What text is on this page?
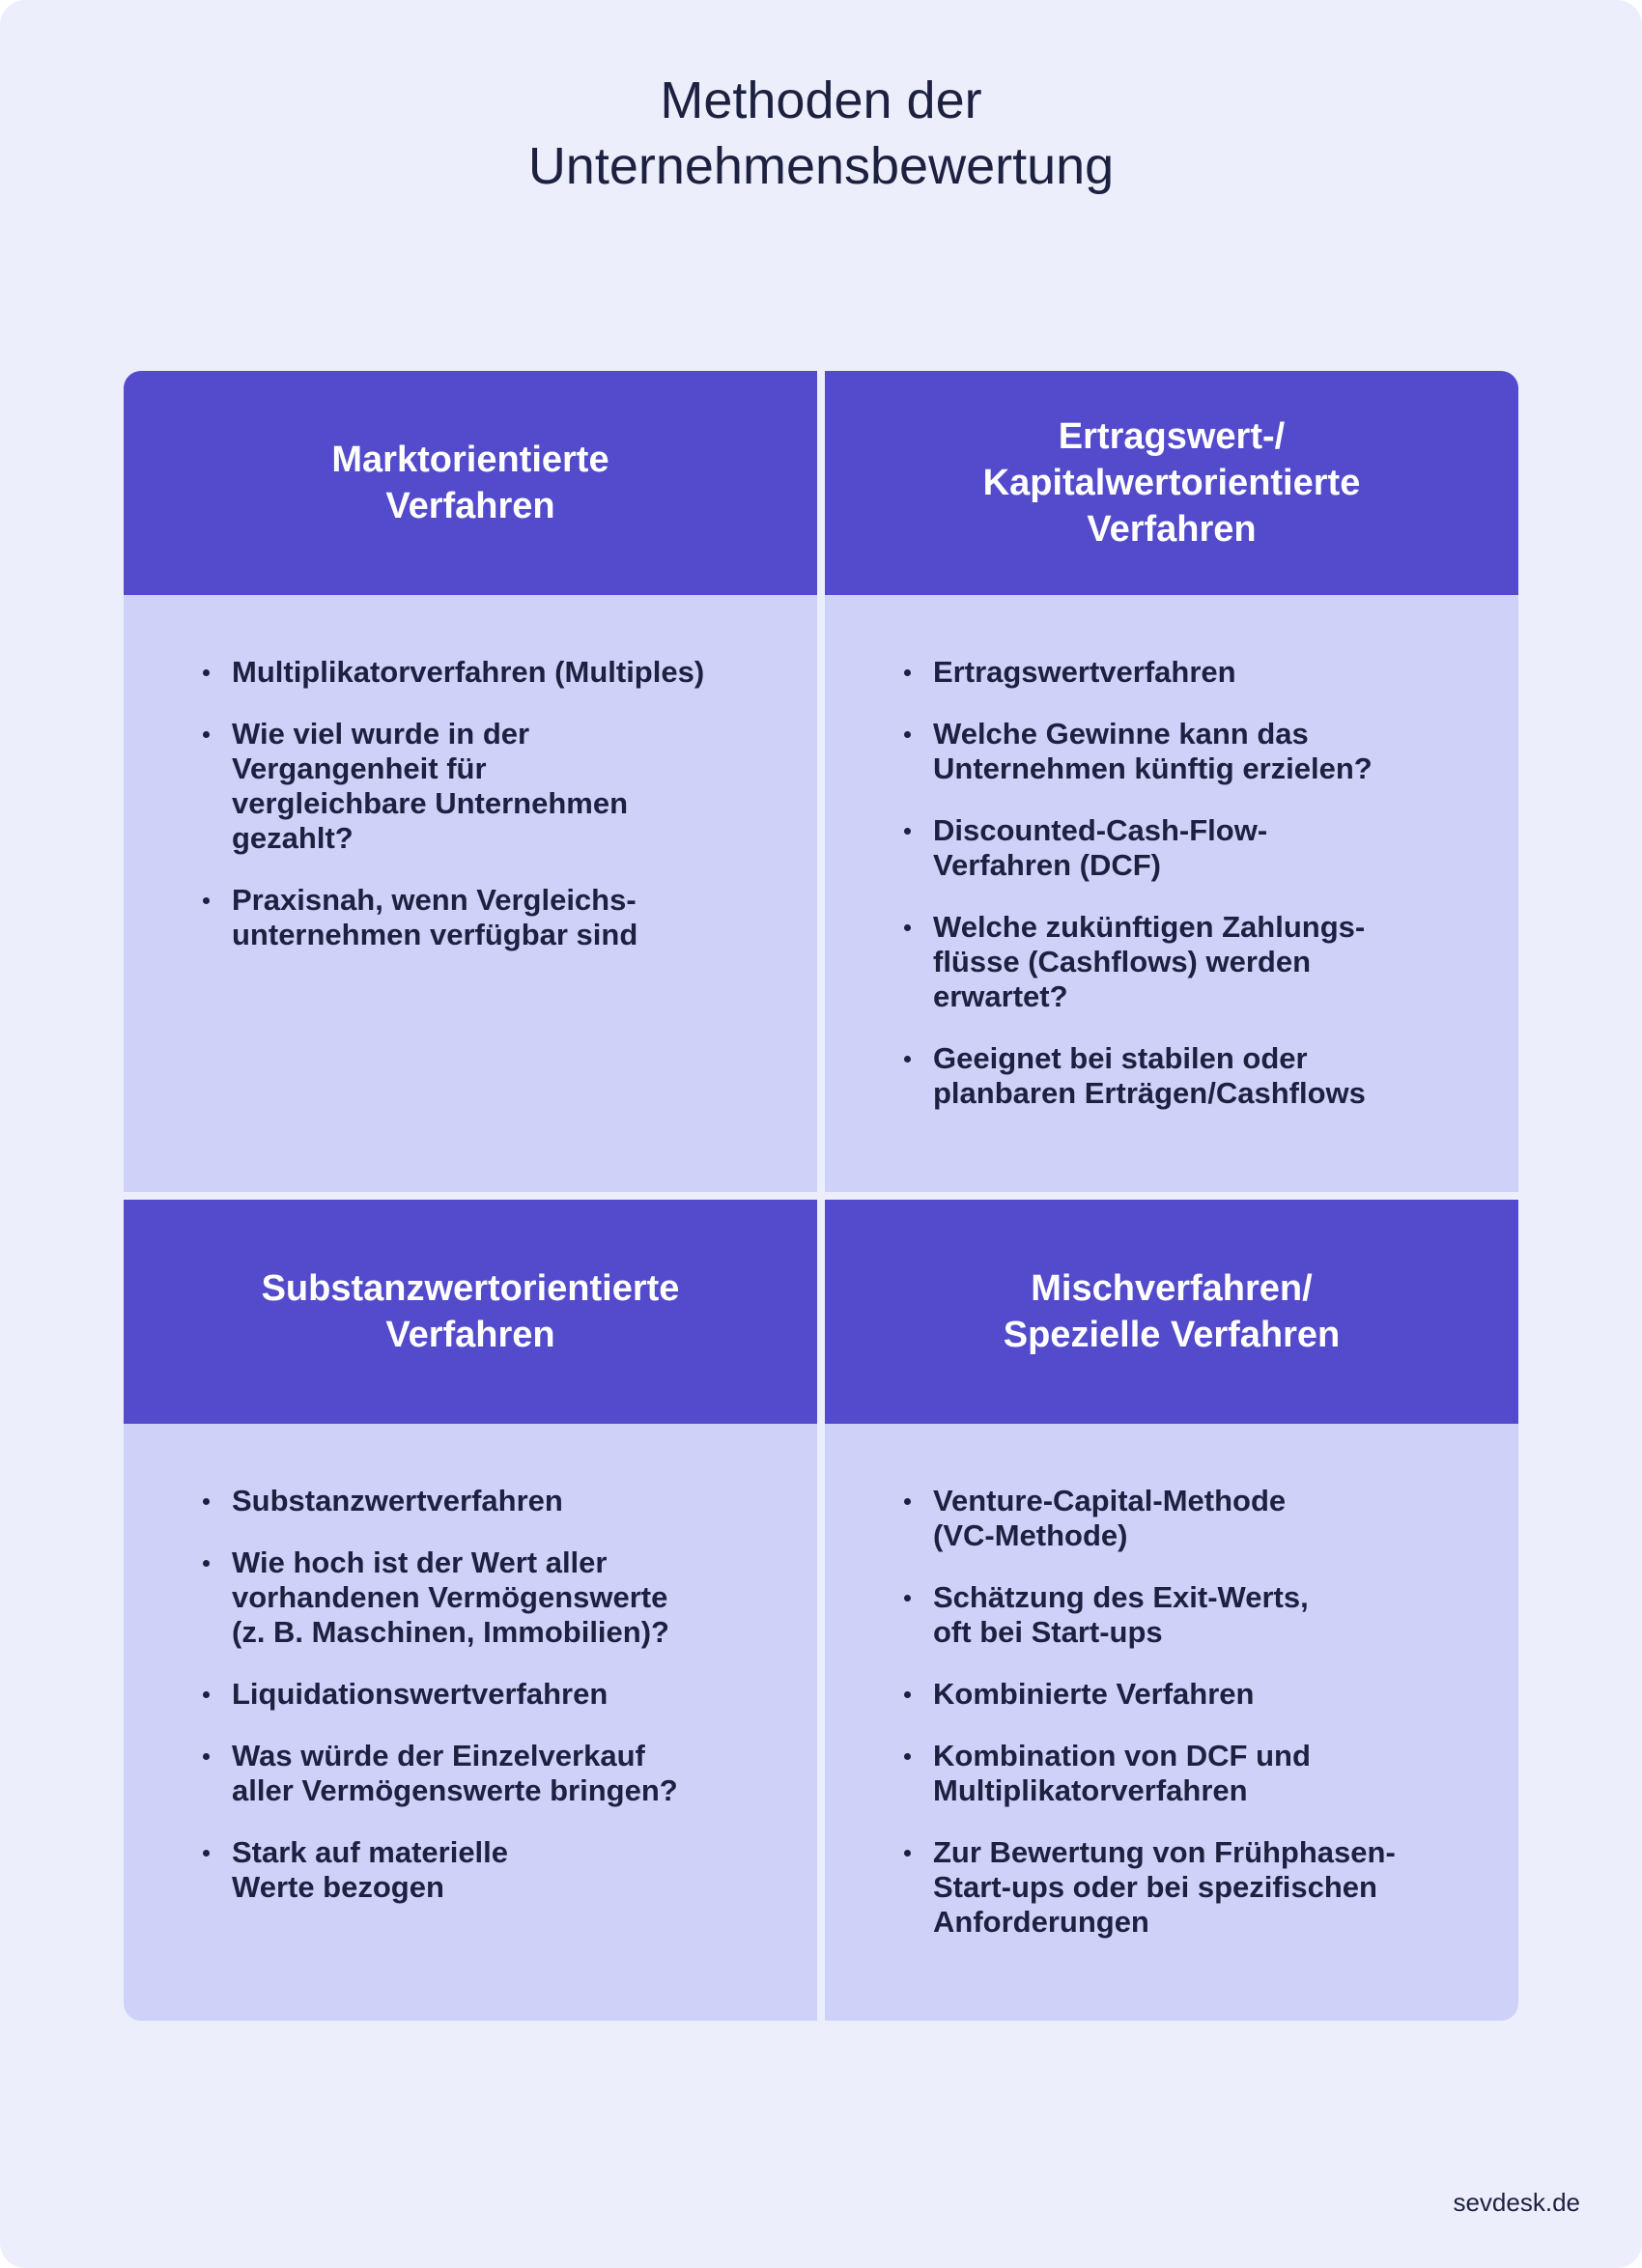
Methoden der
Unternehmensbewertung
Marktorientierte
Verfahren
Multiplikatorverfahren (Multiples)
Wie viel wurde in der
Vergangenheit für
vergleichbare Unternehmen
gezahlt?
Praxisnah, wenn Vergleichs-
unternehmen verfügbar sind
Ertragswert-/
Kapitalwertorientierte
Verfahren
Ertragswertverfahren
Welche Gewinne kann das
Unternehmen künftig erzielen?
Discounted-Cash-Flow-
Verfahren (DCF)
Welche zukünftigen Zahlungs-
flüsse (Cashflows) werden
erwartet?
Geeignet bei stabilen oder
planbaren Erträgen/Cashflows
Substanzwertorientierte
Verfahren
Substanzwertverfahren
Wie hoch ist der Wert aller
vorhandenen Vermögenswerte
(z. B. Maschinen, Immobilien)?
Liquidationswertverfahren
Was würde der Einzelverkauf
aller Vermögenswerte bringen?
Stark auf materielle
Werte bezogen
Mischverfahren/
Spezielle Verfahren
Venture-Capital-Methode
(VC-Methode)
Schätzung des Exit-Werts,
oft bei Start-ups
Kombinierte Verfahren
Kombination von DCF und
Multiplikatorverfahren
Zur Bewertung von Frühphasen-
Start-ups oder bei spezifischen
Anforderungen
sevdesk.de
